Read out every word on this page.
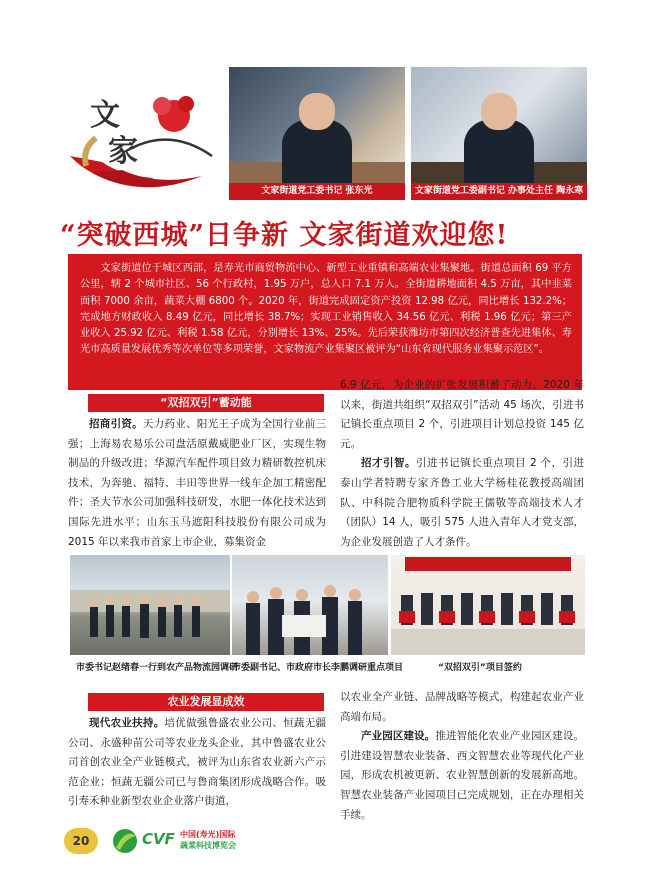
文
家
文家街道党工委书记 张东光	文家街道党工委副书记 办事处主任 陶永寒
“突破西城”日争新 文家街道欢迎您!
文家街道位于城区西部，是寿光市商贸物流中心、新型工业重镇和高端农业集聚地。街道总面积 69 平方公里，辖 2 个城市社区、56 个行政村，1.95 万户，总人口 7.1 万人。全街道耕地面积 4.5 万亩，其中韭菜面积 7000 余亩，蔬菜大棚 6800 个。2020 年，街道完成固定资产投资 12.98 亿元，同比增长 132.2%；完成地方财政收入 8.49 亿元，同比增长 38.7%；实现工业销售收入 34.56 亿元、利税 1.96 亿元；第三产业收入 25.92 亿元、利税 1.58 亿元，分别增长 13%、25%。先后荣获潍坊市第四次经济普查先进集体、寿光市高质量发展优秀等次单位等多项荣誉，文家物流产业集聚区被评为“山东省现代服务业集聚示范区”。
“双招双引”蓄动能

招商引资。天力药业、阳光王子成为全国行业前三强；上海易农易乐公司盘活原戴威肥业厂区，实现生物制品的升级改进；华源汽车配件项目致力精研数控机床技术，为奔驰、福特、丰田等世界一线车企加工精密配件；圣大节水公司加强科技研发，水肥一体化技术达到国际先进水平；山东玉马遮阳科技股份有限公司成为 2015 年以来我市首家上市企业，募集资金

6.9 亿元，为企业的扩张发展积蓄了动力。2020 年以来，街道共组织“双招双引”活动 45 场次，引进书记镇长重点项目 2 个，引进项目计划总投资 145 亿元。

招才引智。引进书记镇长重点项目 2 个，引进泰山学者特聘专家齐鲁工业大学杨桂花教授高端团队、中科院合肥物质科学院王儒敬等高端技术人才（团队）14 人，吸引 575 人进入青年人才党支部，为企业发展创造了人才条件。

市委书记赵绪春一行到农产品物流园调研
市委副书记、市政府市长李鹏调研重点项目	“双招双引”项目签约
农业发展显成效

现代农业扶持。培优做强鲁盛农业公司、恒蔬无疆公司、永盛种苗公司等农业龙头企业，其中鲁盛农业公司首创农业全产业链模式，被评为山东省农业新六产示范企业；恒蔬无疆公司已与鲁商集团形成战略合作。吸引寿禾种业新型农业企业落户街道，

以农业全产业链、品牌战略等模式，构建起农业产业高端布局。

产业园区建设。推进智能化农业产业园区建设。引进建设智慧农业装备、西文智慧农业等现代化产业园，形成农机被更新、农业智慧创新的发展新高地。智慧农业装备产业园项目已完成规划，正在办理相关手续。

20	CVF 中国(寿光)国际
蔬菜科技博览会
